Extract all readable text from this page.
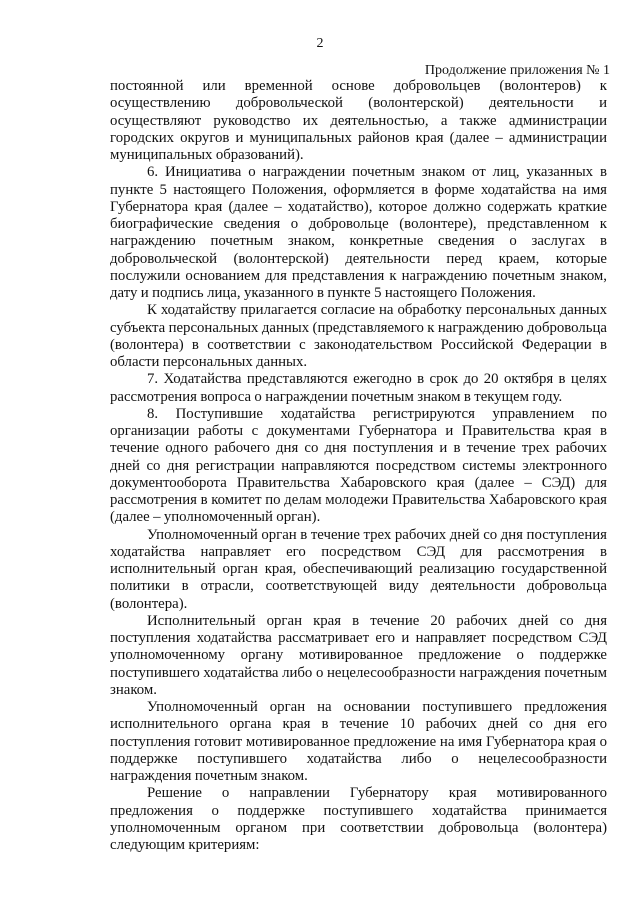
2
Продолжение приложения № 1

постоянной или временной основе добровольцев (волонтеров) к осуществлению добровольческой (волонтерской) деятельности и осуществляют руководство их деятельностью, а также администрации городских округов и муниципальных районов края (далее – администрации муниципальных образований).

6. Инициатива о награждении почетным знаком от лиц, указанных в пункте 5 настоящего Положения, оформляется в форме ходатайства на имя Губернатора края (далее – ходатайство), которое должно содержать краткие биографические сведения о добровольце (волонтере), представленном к награждению почетным знаком, конкретные сведения о заслугах в добровольческой (волонтерской) деятельности перед краем, которые послужили основанием для представления к награждению почетным знаком, дату и подпись лица, указанного в пункте 5 настоящего Положения.

К ходатайству прилагается согласие на обработку персональных данных субъекта персональных данных (представляемого к награждению добровольца (волонтера) в соответствии с законодательством Российской Федерации в области персональных данных.

7. Ходатайства представляются ежегодно в срок до 20 октября в целях рассмотрения вопроса о награждении почетным знаком в текущем году.

8. Поступившие ходатайства регистрируются управлением по организации работы с документами Губернатора и Правительства края в течение одного рабочего дня со дня поступления и в течение трех рабочих дней со дня регистрации направляются посредством системы электронного документооборота Правительства Хабаровского края (далее – СЭД) для рассмотрения в комитет по делам молодежи Правительства Хабаровского края (далее – уполномоченный орган).

Уполномоченный орган в течение трех рабочих дней со дня поступления ходатайства направляет его посредством СЭД для рассмотрения в исполнительный орган края, обеспечивающий реализацию государственной политики в отрасли, соответствующей виду деятельности добровольца (волонтера).

Исполнительный орган края в течение 20 рабочих дней со дня поступления ходатайства рассматривает его и направляет посредством СЭД уполномоченному органу мотивированное предложение о поддержке поступившего ходатайства либо о нецелесообразности награждения почетным знаком.

Уполномоченный орган на основании поступившего предложения исполнительного органа края в течение 10 рабочих дней со дня его поступления готовит мотивированное предложение на имя Губернатора края о поддержке поступившего ходатайства либо о нецелесообразности награждения почетным знаком.

Решение о направлении Губернатору края мотивированного предложения о поддержке поступившего ходатайства принимается уполномоченным органом при соответствии добровольца (волонтера) следующим критериям:
